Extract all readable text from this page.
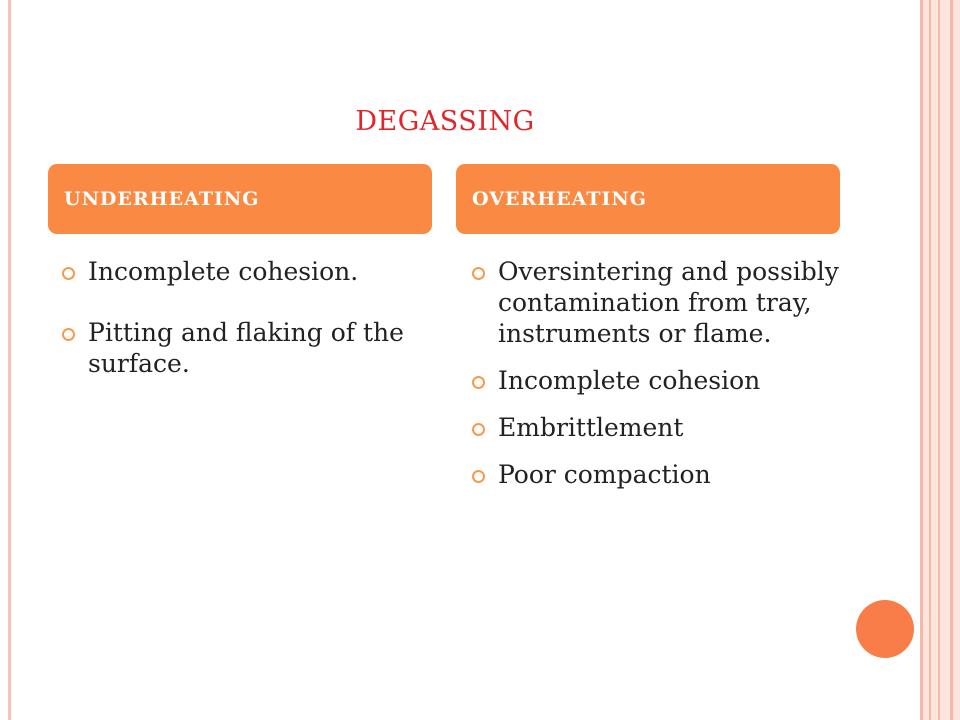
DEGASSING
UNDERHEATING	OVERHEATING
Incomplete cohesion.
Pitting and flaking of the surface.
Oversintering and possibly contamination from tray, instruments or flame.
Incomplete cohesion
Embrittlement
Poor compaction
